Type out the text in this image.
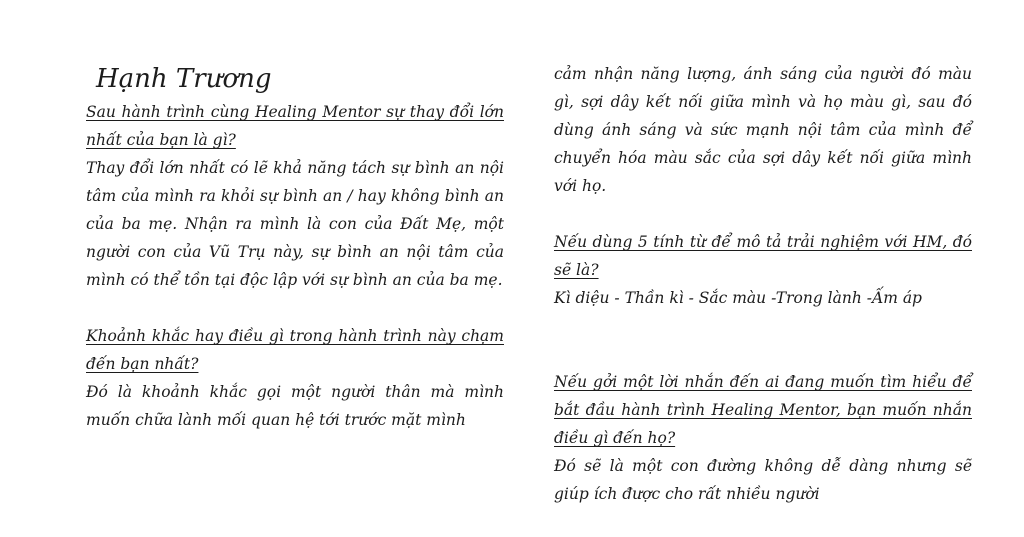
Hạnh Trương

Sau hành trình cùng Healing Mentor sự thay đổi lớn nhất của bạn là gì?

Thay đổi lớn nhất có lẽ khả năng tách sự bình an nội tâm của mình ra khỏi sự bình an / hay không bình an của ba mẹ. Nhận ra mình là con của Đất Mẹ, một người con của Vũ Trụ này, sự bình an nội tâm của mình có thể tồn tại độc lập với sự bình an của ba mẹ.

Khoảnh khắc hay điều gì trong hành trình này chạm đến bạn nhất?

Đó là khoảnh khắc gọi một người thân mà mình muốn chữa lành mối quan hệ tới trước mặt mình

cảm nhận năng lượng, ánh sáng của người đó màu gì, sợi dây kết nối giữa mình và họ màu gì, sau đó dùng ánh sáng và sức mạnh nội tâm của mình để chuyển hóa màu sắc của sợi dây kết nối giữa mình với họ.

Nếu dùng 5 tính từ để mô tả trải nghiệm với HM, đó sẽ là?

Kì diệu - Thần kì - Sắc màu -Trong lành -Ấm áp

Nếu gởi một lời nhắn đến ai đang muốn tìm hiểu để bắt đầu hành trình Healing Mentor, bạn muốn nhắn điều gì đến họ?

Đó sẽ là một con đường không dễ dàng nhưng sẽ giúp ích được cho rất nhiều người
